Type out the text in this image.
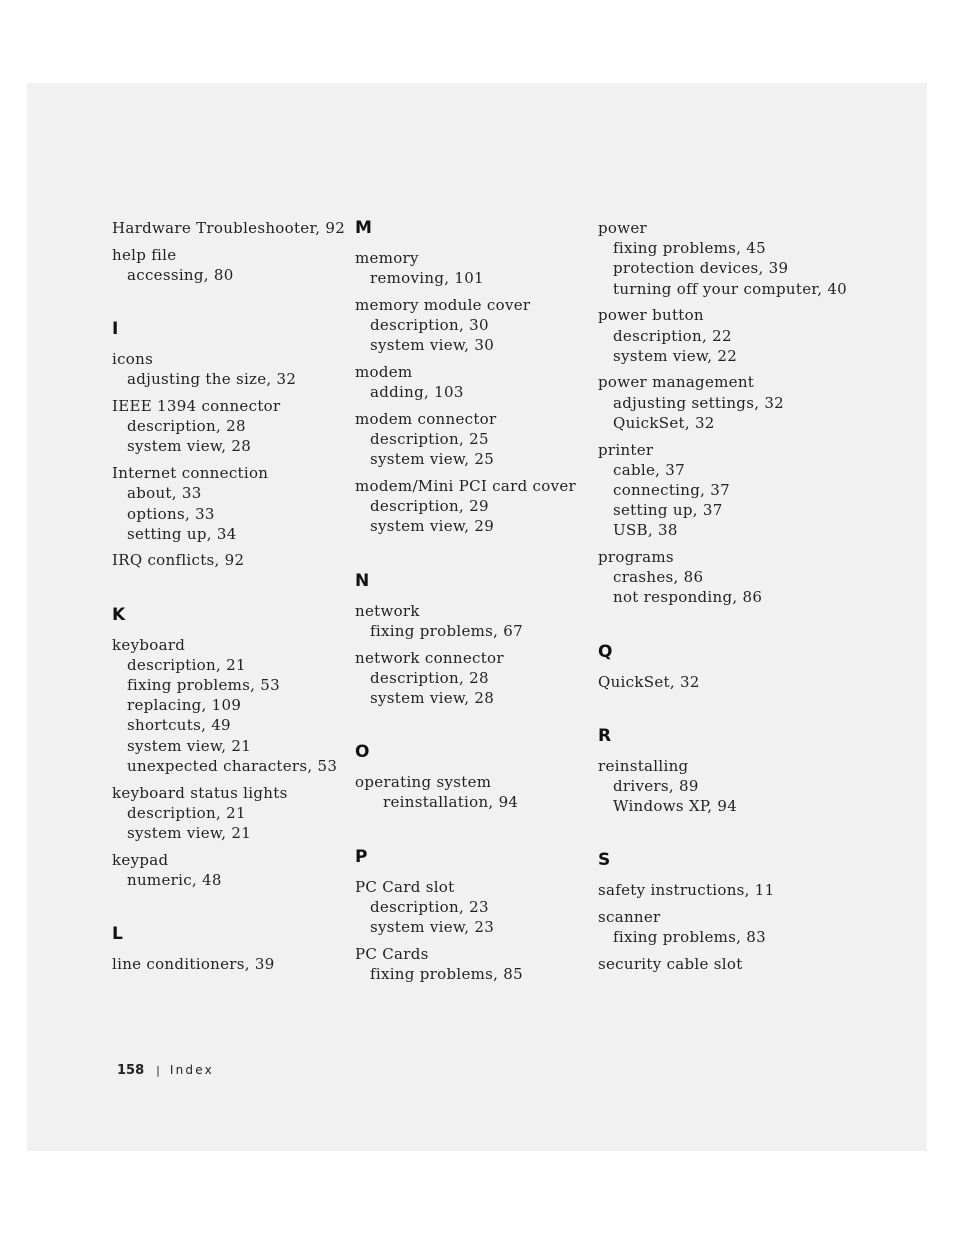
Hardware Troubleshooter, 92
help file
accessing, 80
I
icons
adjusting the size, 32
IEEE 1394 connector
description, 28
system view, 28
Internet connection
about, 33
options, 33
setting up, 34
IRQ conflicts, 92
K
keyboard
description, 21
fixing problems, 53
replacing, 109
shortcuts, 49
system view, 21
unexpected characters, 53
keyboard status lights
description, 21
system view, 21
keypad
numeric, 48
L
line conditioners, 39
M
memory
removing, 101
memory module cover
description, 30
system view, 30
modem
adding, 103
modem connector
description, 25
system view, 25
modem/Mini PCI card cover
description, 29
system view, 29
N
network
fixing problems, 67
network connector
description, 28
system view, 28
O
operating system
reinstallation, 94
P
PC Card slot
description, 23
system view, 23
PC Cards
fixing problems, 85
power
fixing problems, 45
protection devices, 39
turning off your computer, 40
power button
description, 22
system view, 22
power management
adjusting settings, 32
QuickSet, 32
printer
cable, 37
connecting, 37
setting up, 37
USB, 38
programs
crashes, 86
not responding, 86
Q
QuickSet, 32
R
reinstalling
drivers, 89
Windows XP, 94
S
safety instructions, 11
scanner
fixing problems, 83
security cable slot
158 | Index
